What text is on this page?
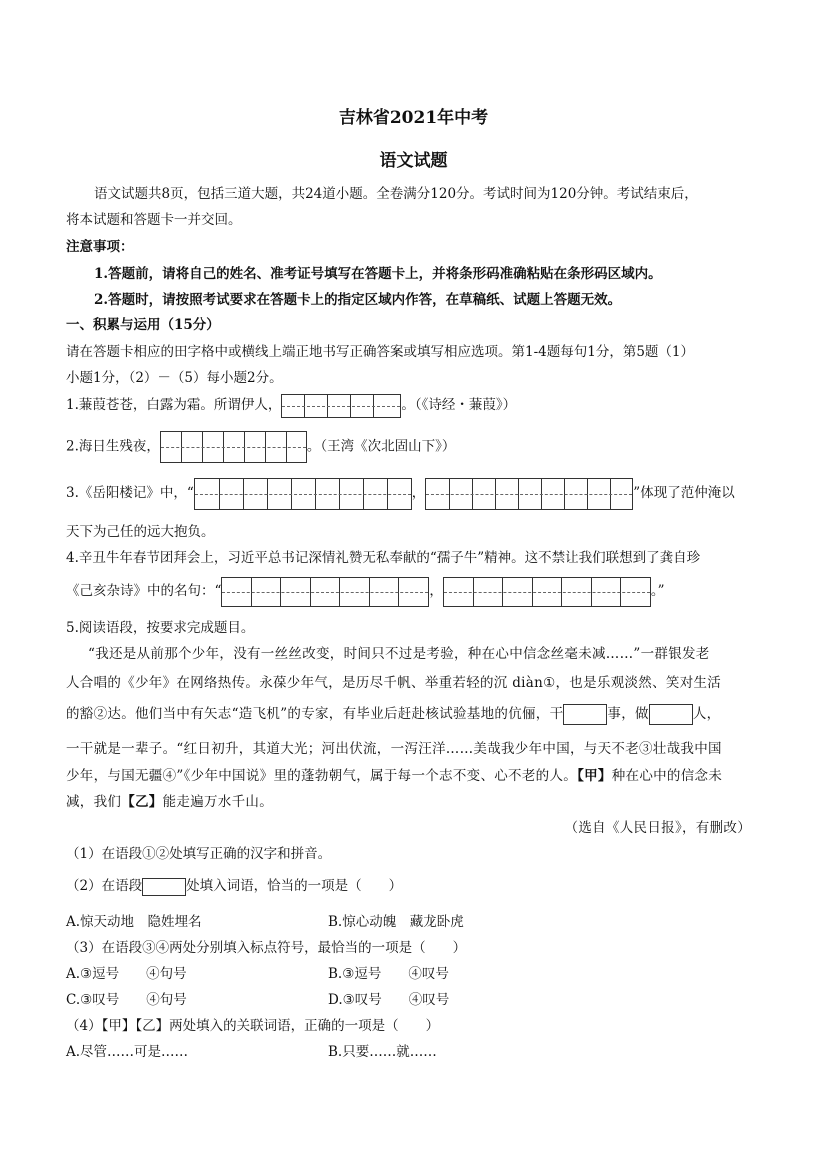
吉林省2021年中考
语文试题
语文试题共8页，包括三道大题，共24道小题。全卷满分120分。考试时间为120分钟。考试结束后，
将本试题和答题卡一并交回。
注意事项：
1.答题前，请将自己的姓名、准考证号填写在答题卡上，并将条形码准确粘贴在条形码区域内。
2.答题时，请按照考试要求在答题卡上的指定区域内作答，在草稿纸、试题上答题无效。
一、积累与运用（15分）
请在答题卡相应的田字格中或横线上端正地书写正确答案或填写相应选项。第1-4题每句1分，第5题（1）
小题1分，（2）－（5）每小题2分。
1.蒹葭苍苍，白露为霜。所谓伊人，	。（《诗经・蒹葭》）
2.海日生残夜，	。（王湾《次北固山下》）
3.《岳阳楼记》中，“	，	”体现了范仲淹以
天下为己任的远大抱负。
4.辛丑牛年春节团拜会上，习近平总书记深情礼赞无私奉献的“孺子牛”精神。这不禁让我们联想到了龚自珍
《己亥杂诗》中的名句：“	，	。”
5.阅读语段，按要求完成题目。
“我还是从前那个少年，没有一丝丝改变，时间只不过是考验，种在心中信念丝毫未减……”一群银发老
人合唱的《少年》在网络热传。永葆少年气，是历尽千帆、举重若轻的沉 diàn①，也是乐观淡然、笑对生活
的豁②达。他们当中有矢志“造飞机”的专家，有毕业后赶赴核试验基地的伉俪，干	事，做	人，
一干就是一辈子。“红日初升，其道大光；河出伏流，一泻汪洋……美哉我少年中国，与天不老③壮哉我中国
少年，与国无疆④”《少年中国说》里的蓬勃朝气，属于每一个志不变、心不老的人。【甲】种在心中的信念未
减，我们【乙】能走遍万水千山。
（选自《人民日报》，有删改）
（1）在语段①②处填写正确的汉字和拼音。
（2）在语段	处填入词语，恰当的一项是（　　）
A.惊天动地　隐姓埋名	B.惊心动魄　藏龙卧虎
（3）在语段③④两处分别填入标点符号，最恰当的一项是（　　）
A.③逗号　　④句号	B.③逗号　　④叹号
C.③叹号　　④句号	D.③叹号　　④叹号
（4）【甲】【乙】两处填入的关联词语，正确的一项是（　　）
A.尽管……可是……	B.只要……就……
